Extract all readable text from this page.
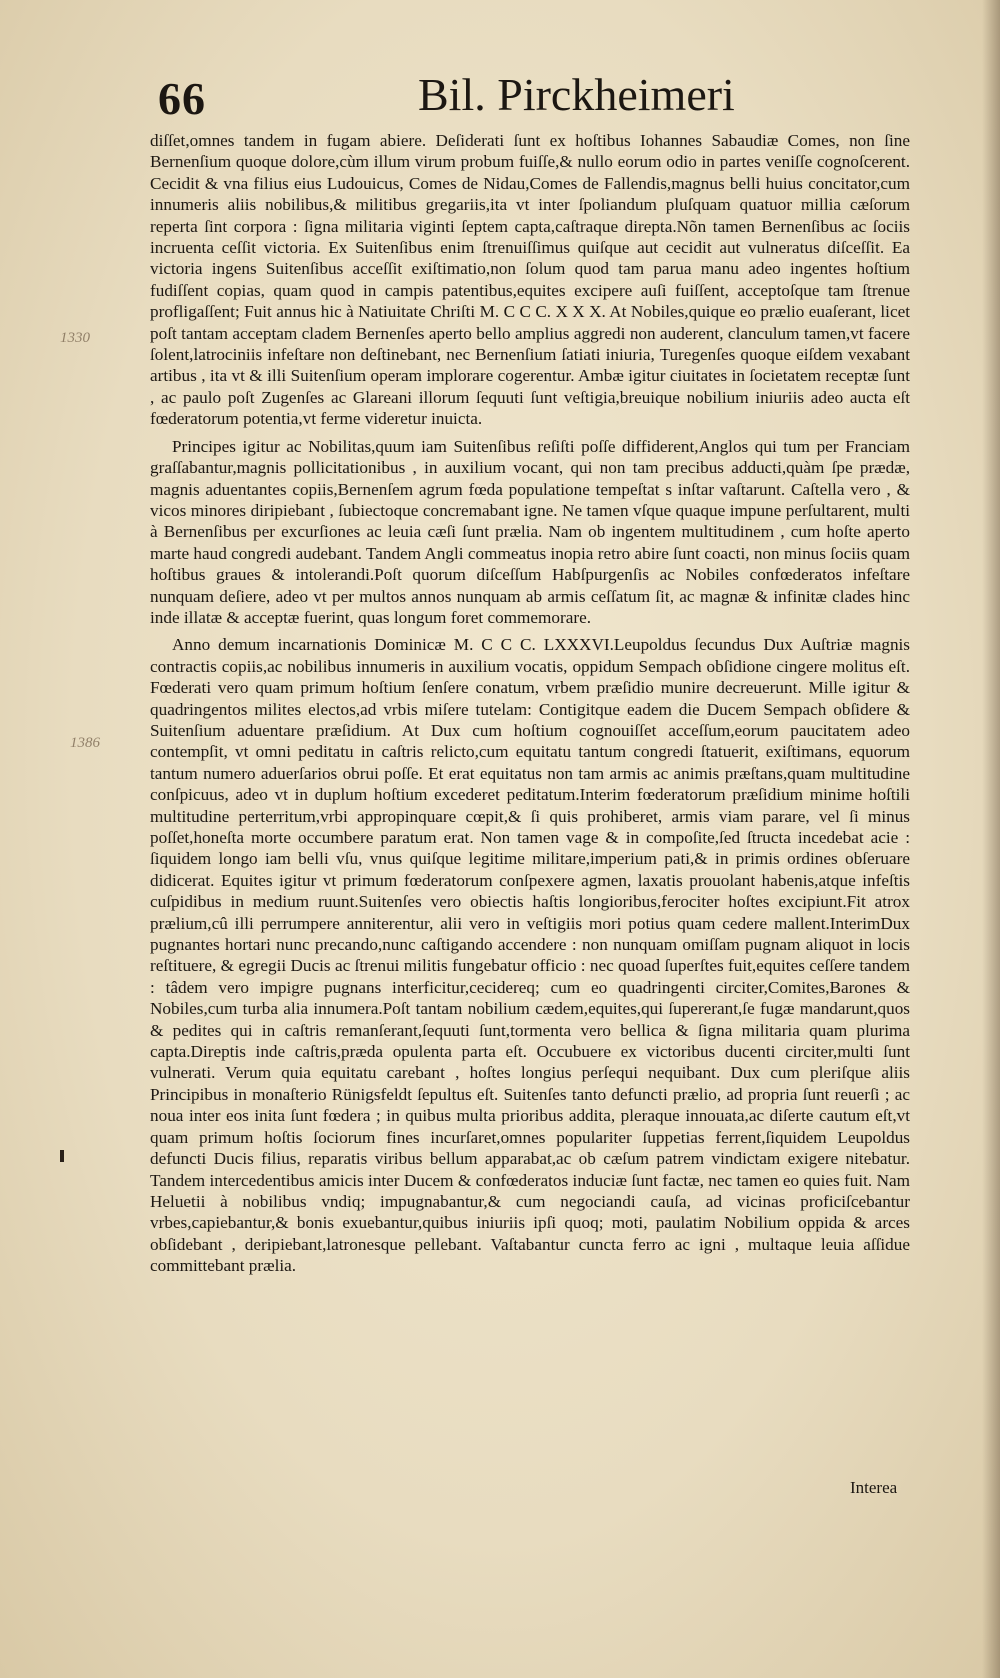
66	Bil. Pirckheimeri
1330
1386

diſſet,omnes tandem in fugam abiere. Deſiderati ſunt ex hoſtibus Iohannes Sabaudiæ Comes, non ſine Bernenſium quoque dolore,cùm illum virum probum fuiſſe,& nullo eorum odio in partes veniſſe cognoſcerent. Cecidit & vna filius eius Ludouicus, Comes de Nidau,Comes de Fallendis,magnus belli huius concitator,cum innumeris aliis nobilibus,& militibus gregariis,ita vt inter ſpoliandum pluſquam quatuor millia cæſorum reperta ſint corpora : ſigna militaria viginti ſeptem capta,caſtraque direpta.Nõn tamen Bernenſibus ac ſociis incruenta ceſſit victoria. Ex Suitenſibus enim ſtrenuiſſimus quiſque aut cecidit aut vulneratus diſceſſit. Ea victoria ingens Suitenſibus acceſſit exiſtimatio,non ſolum quod tam parua manu adeo ingentes hoſtium fudiſſent copias, quam quod in campis patentibus,equites excipere auſi fuiſſent, acceptoſque tam ſtrenue profligaſſent; Fuit annus hic à Natiuitate Chriſti M. C C C. X X X. At Nobiles,quique eo prælio euaſerant, licet poſt tantam acceptam cladem Bernenſes aperto bello amplius aggredi non auderent, clanculum tamen,vt facere ſolent,latrociniis infeſtare non deſtinebant, nec Bernenſium ſatiati iniuria, Turegenſes quoque eiſdem vexabant artibus , ita vt & illi Suitenſium operam implorare cogerentur. Ambæ igitur ciuitates in ſocietatem receptæ ſunt , ac paulo poſt Zugenſes ac Glareani illorum ſequuti ſunt veſtigia,breuique nobilium iniuriis adeo aucta eſt fœderatorum potentia,vt ferme videretur inuicta.

Principes igitur ac Nobilitas,quum iam Suitenſibus reſiſti poſſe diffiderent,Anglos qui tum per Franciam graſſabantur,magnis pollicitationibus , in auxilium vocant, qui non tam precibus adducti,quàm ſpe prædæ, magnis aduentantes copiis,Bernenſem agrum fœda populatione tempeſtat s inſtar vaſtarunt. Caſtella vero , & vicos minores diripiebant , ſubiectoque concremabant igne. Ne tamen vſque quaque impune perſultarent, multi à Bernenſibus per excurſiones ac leuia cæſi ſunt prælia. Nam ob ingentem multitudinem , cum hoſte aperto marte haud congredi audebant. Tandem Angli commeatus inopia retro abire ſunt coacti, non minus ſociis quam hoſtibus graues & intolerandi.Poſt quorum diſceſſum Habſpurgenſis ac Nobiles confœderatos infeſtare nunquam deſiere, adeo vt per multos annos nunquam ab armis ceſſatum ſit, ac magnæ & infinitæ clades hinc inde illatæ & acceptæ fuerint, quas longum foret commemorare.

Anno demum incarnationis Dominicæ M. C C C. LXXXVI.Leupoldus ſecundus Dux Auſtriæ magnis contractis copiis,ac nobilibus innumeris in auxilium vocatis, oppidum Sempach obſidione cingere molitus eſt. Fœderati vero quam primum hoſtium ſenſere conatum, vrbem præſidio munire decreuerunt. Mille igitur & quadringentos milites electos,ad vrbis miſere tutelam: Contigitque eadem die Ducem Sempach obſidere & Suitenſium aduentare præſidium. At Dux cum hoſtium cognouiſſet acceſſum,eorum paucitatem adeo contempſit, vt omni peditatu in caſtris relicto,cum equitatu tantum congredi ſtatuerit, exiſtimans, equorum tantum numero aduerſarios obrui poſſe. Et erat equitatus non tam armis ac animis præſtans,quam multitudine conſpicuus, adeo vt in duplum hoſtium excederet peditatum.Interim fœderatorum præſidium minime hoſtili multitudine perterritum,vrbi appropinquare cœpit,& ſi quis prohiberet, armis viam parare, vel ſi minus poſſet,honeſta morte occumbere paratum erat. Non tamen vage & in compoſite,ſed ſtructa incedebat acie : ſiquidem longo iam belli vſu, vnus quiſque legitime militare,imperium pati,& in primis ordines obſeruare didicerat. Equites igitur vt primum fœderatorum conſpexere agmen, laxatis prouolant habenis,atque infeſtis cuſpidibus in medium ruunt.Suitenſes vero obiectis haſtis longioribus,ferociter hoſtes excipiunt.Fit atrox prælium,cû illi perrumpere anniterentur, alii vero in veſtigiis mori potius quam cedere mallent.InterimDux pugnantes hortari nunc precando,nunc caſtigando accendere : non nunquam omiſſam pugnam aliquot in locis reſtituere, & egregii Ducis ac ſtrenui militis fungebatur officio : nec quoad ſuperſtes fuit,equites ceſſere tandem : tâdem vero impigre pugnans interficitur,cecidereq; cum eo quadringenti circiter,Comites,Barones & Nobiles,cum turba alia innumera.Poſt tantam nobilium cædem,equites,qui ſupererant,ſe fugæ mandarunt,quos & pedites qui in caſtris remanſerant,ſequuti ſunt,tormenta vero bellica & ſigna militaria quam plurima capta.Direptis inde caſtris,præda opulenta parta eſt. Occubuere ex victoribus ducenti circiter,multi ſunt vulnerati. Verum quia equitatu carebant , hoſtes longius perſequi nequibant. Dux cum pleriſque aliis Principibus in monaſterio Rünigsfeldt ſepultus eſt. Suitenſes tanto defuncti prælio, ad propria ſunt reuerſi ; ac noua inter eos inita ſunt fœdera ; in quibus multa prioribus addita, pleraque innouata,ac diſerte cautum eſt,vt quam primum hoſtis ſociorum fines incurſaret,omnes populariter ſuppetias ferrent,ſiquidem Leupoldus defuncti Ducis filius, reparatis viribus bellum apparabat,ac ob cæſum patrem vindictam exigere nitebatur. Tandem intercedentibus amicis inter Ducem & confœderatos induciæ ſunt factæ, nec tamen eo quies fuit. Nam Heluetii à nobilibus vndiq; impugnabantur,& cum negociandi cauſa, ad vicinas proficiſcebantur vrbes,capiebantur,& bonis exuebantur,quibus iniuriis ipſi quoq; moti, paulatim Nobilium oppida & arces obſidebant , deripiebant,latronesque pellebant. Vaſtabantur cuncta ferro ac igni , multaque leuia aſſidue committebant prælia.

Interea
